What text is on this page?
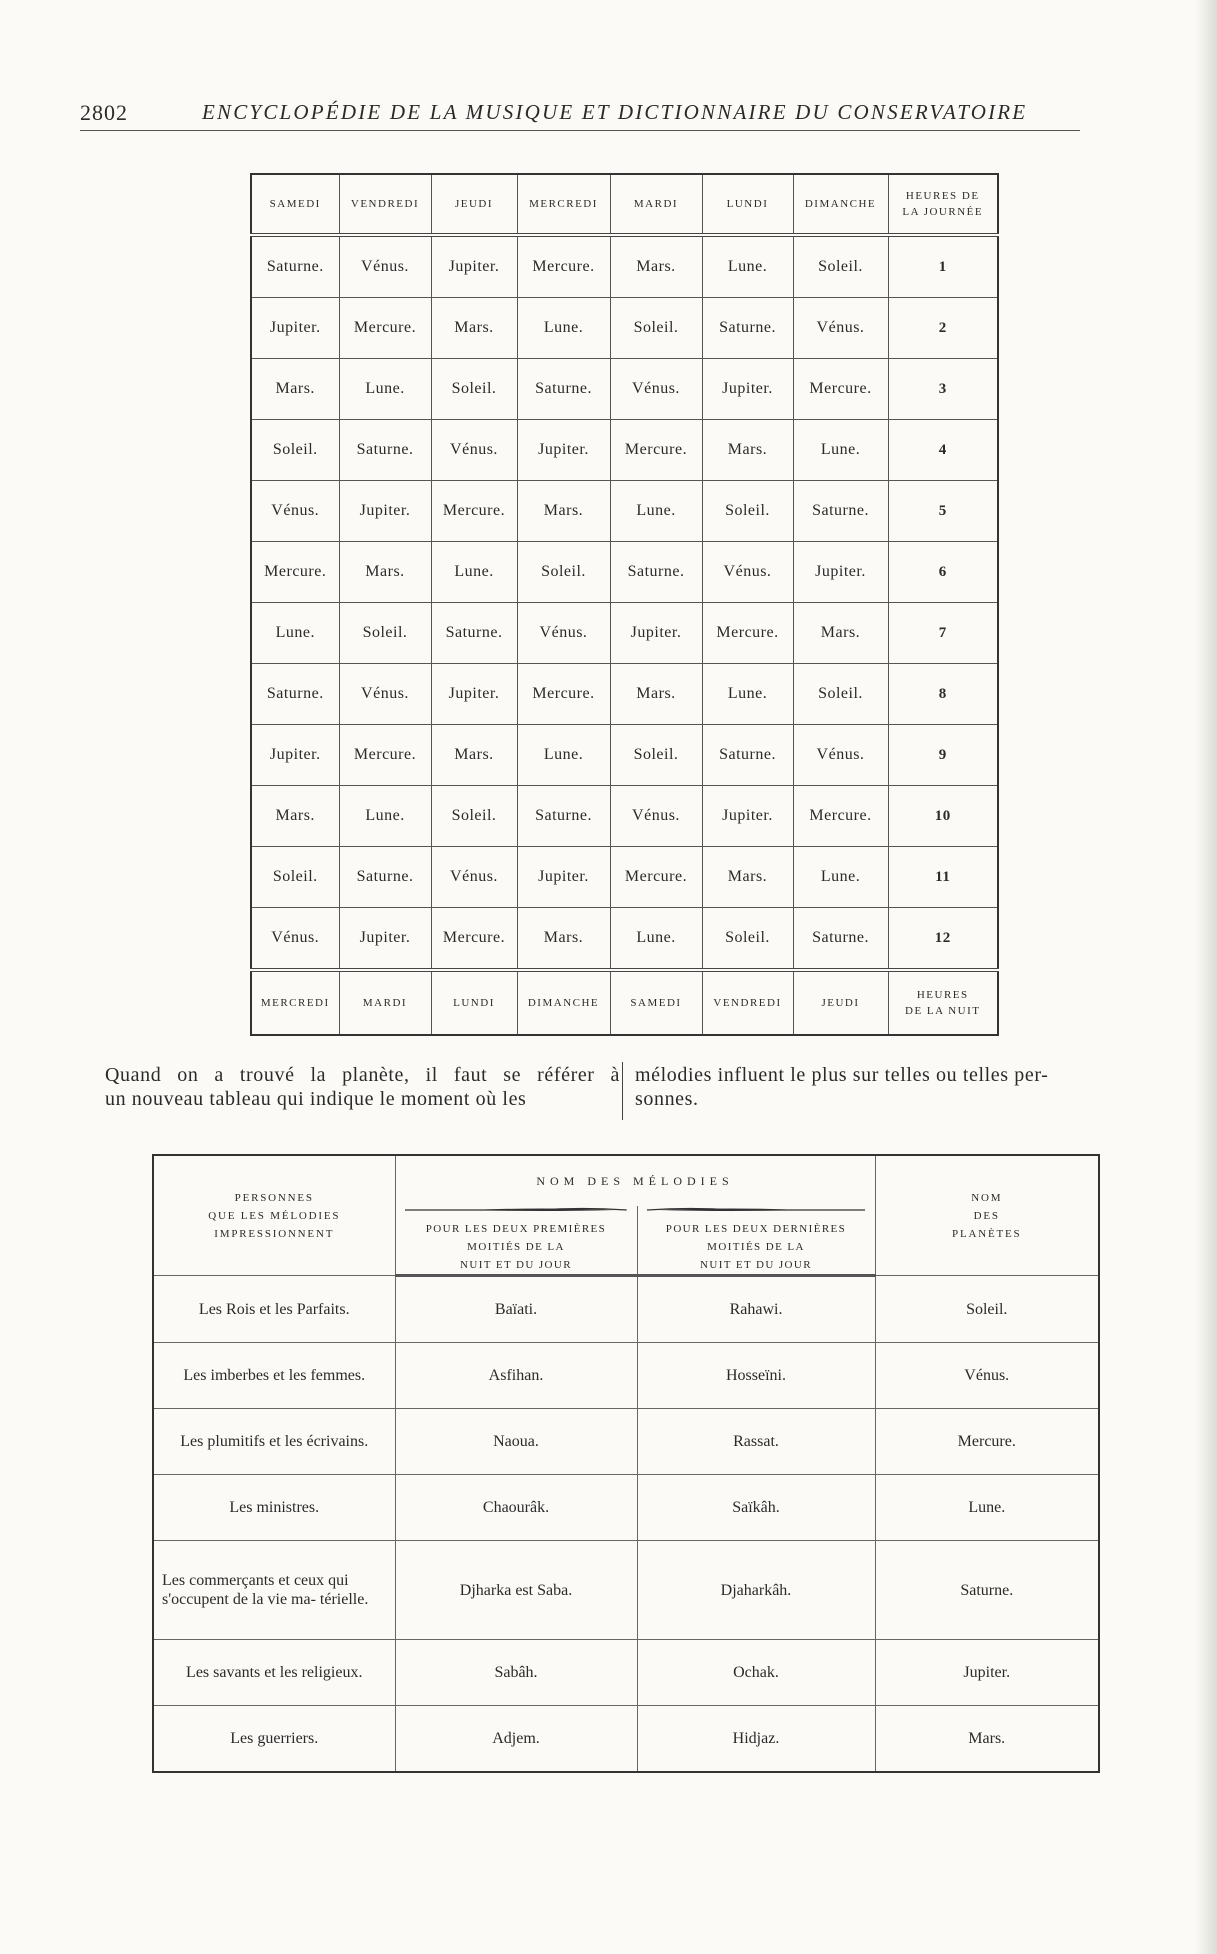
2802	ENCYCLOPÉDIE DE LA MUSIQUE ET DICTIONNAIRE DU CONSERVATOIRE
SAMEDI	VENDREDI	JEUDI	MERCREDI	MARDI	LUNDI	DIMANCHE	HEURES DE
LA JOURNÉE
Saturne.	Vénus.	Jupiter.	Mercure.	Mars.	Lune.	Soleil.	1
Jupiter.	Mercure.	Mars.	Lune.	Soleil.	Saturne.	Vénus.	2
Mars.	Lune.	Soleil.	Saturne.	Vénus.	Jupiter.	Mercure.	3
Soleil.	Saturne.	Vénus.	Jupiter.	Mercure.	Mars.	Lune.	4
Vénus.	Jupiter.	Mercure.	Mars.	Lune.	Soleil.	Saturne.	5
Mercure.	Mars.	Lune.	Soleil.	Saturne.	Vénus.	Jupiter.	6
Lune.	Soleil.	Saturne.	Vénus.	Jupiter.	Mercure.	Mars.	7
Saturne.	Vénus.	Jupiter.	Mercure.	Mars.	Lune.	Soleil.	8
Jupiter.	Mercure.	Mars.	Lune.	Soleil.	Saturne.	Vénus.	9
Mars.	Lune.	Soleil.	Saturne.	Vénus.	Jupiter.	Mercure.	10
Soleil.	Saturne.	Vénus.	Jupiter.	Mercure.	Mars.	Lune.	11
Vénus.	Jupiter.	Mercure.	Mars.	Lune.	Soleil.	Saturne.	12
MERCREDI	MARDI	LUNDI	DIMANCHE	SAMEDI	VENDREDI	JEUDI	HEURES
DE LA NUIT
Quand on a trouvé la planète, il faut se référer à

un nouveau tableau qui indique le moment où les
mélodies influent le plus sur telles ou telles per-
sonnes.
PERSONNES
QUE LES MÉLODIES
IMPRESSIONNENT	NOM DES MÉLODIES		NOM
DES
PLANÈTES

POUR LES DEUX PREMIÈRES
MOITIÉS DE LA
NUIT ET DU JOUR	POUR LES DEUX DERNIÈRES
MOITIÉS DE LA
NUIT ET DU JOUR	
Les Rois et les Parfaits.	Baïati.	Rahawi.	Soleil.
Les imberbes et les femmes.	Asfihan.	Hosseïni.	Vénus.
Les plumitifs et les écrivains.	Naoua.	Rassat.	Mercure.
Les ministres.	Chaourâk.	Saïkâh.	Lune.
Les commerçants et ceux qui s'occupent de la vie ma- térielle.	Djharka est Saba.	Djaharkâh.	Saturne.
Les savants et les religieux.	Sabâh.	Ochak.	Jupiter.
Les guerriers.	Adjem.	Hidjaz.	Mars.
